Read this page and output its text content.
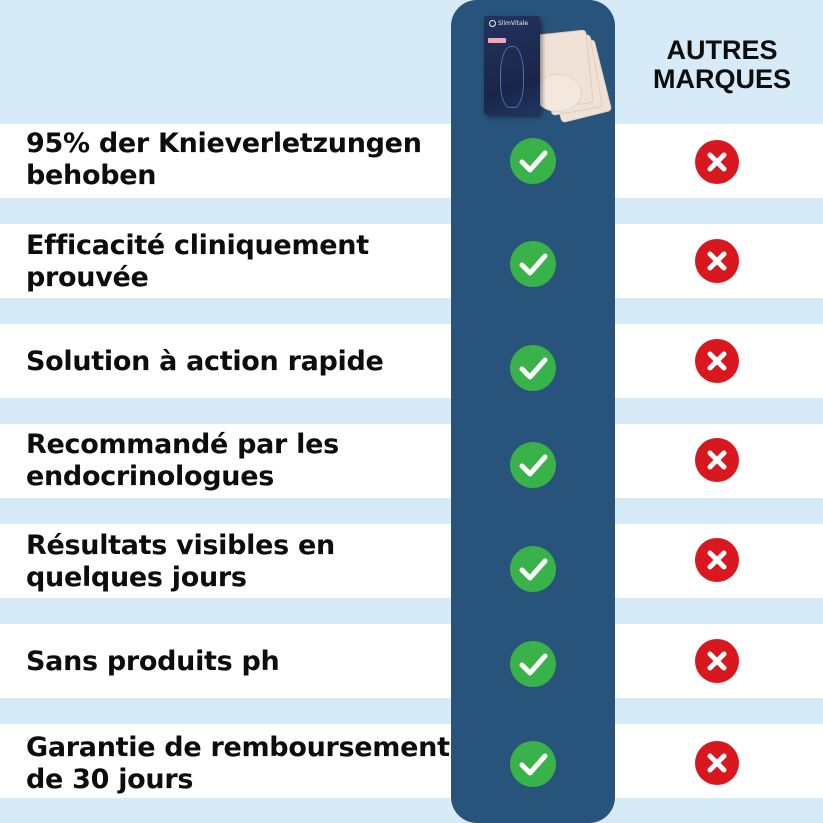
SlimVitale
AUTRES
MARQUES
95% der Knieverletzungen behoben
Efficacité cliniquement prouvée
Solution à action rapide
Recommandé par les endocrinologues
Résultats visibles en quelques jours
Sans produits ph
Garantie de remboursement de 30 jours
